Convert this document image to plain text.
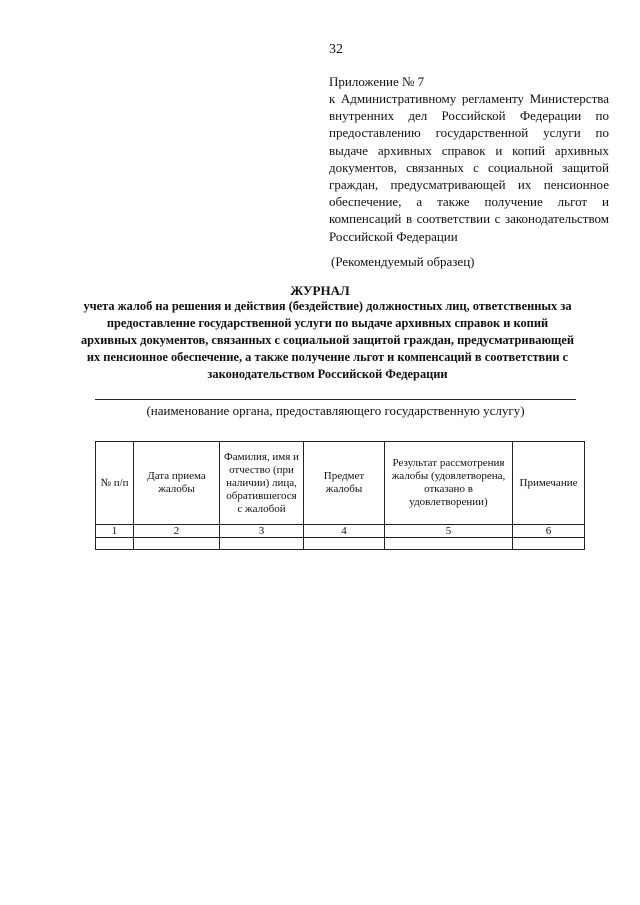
32
Приложение № 7
к Административному регламенту Министерства внутренних дел Российской Федерации по предоставлению государственной услуги по выдаче архивных справок и копий архивных документов, связанных с социальной защитой граждан, предусматривающей их пенсионное обеспечение, а также получение льгот и компенсаций в соответствии с законодательством Российской Федерации
(Рекомендуемый образец)
ЖУРНАЛ
учета жалоб на решения и действия (бездействие) должностных лиц, ответственных за предоставление государственной услуги по выдаче архивных справок и копий архивных документов, связанных с социальной защитой граждан, предусматривающей их пенсионное обеспечение, а также получение льгот и компенсаций в соответствии с законодательством Российской Федерации
(наименование органа, предоставляющего государственную услугу)
№ п/п	Дата приема жалобы	Фамилия, имя и отчество (при наличии) лица, обратившегося с жалобой	Предмет жалобы	Результат рассмотрения жалобы (удовлетворена, отказано в удовлетворении)	Примечание
1	2	3	4	5	6
